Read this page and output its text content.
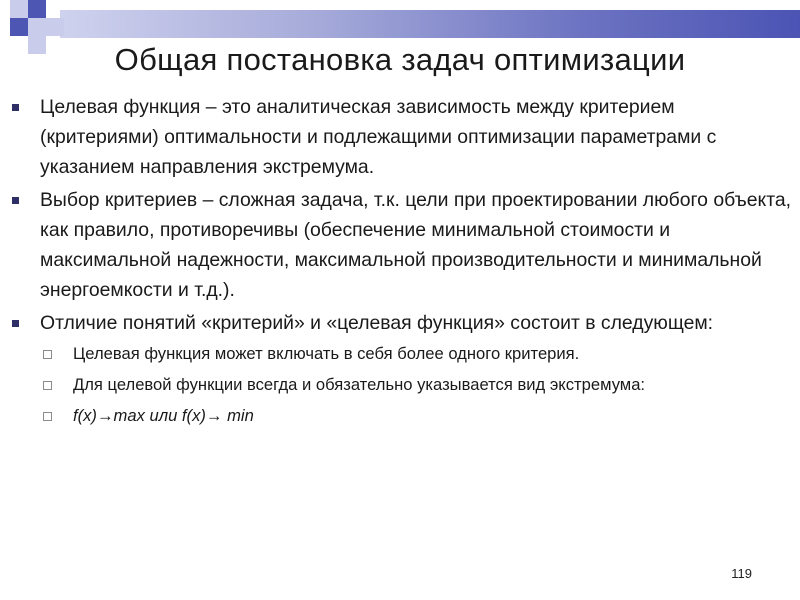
Общая постановка задач оптимизации
Целевая функция – это аналитическая зависимость между критерием (критериями) оптимальности и подлежащими оптимизации параметрами с указанием направления экстремума.
Выбор критериев – сложная задача, т.к. цели при проектировании любого объекта, как правило, противоречивы (обеспечение минимальной стоимости и максимальной надежности, максимальной производительности и минимальной энергоемкости и т.д.).
Отличие понятий «критерий» и «целевая функция» состоит в следующем:
Целевая функция может включать в себя более одного критерия.
Для целевой функции всегда и обязательно указывается вид экстремума:
f(x)→max или f(x)→ min
119
